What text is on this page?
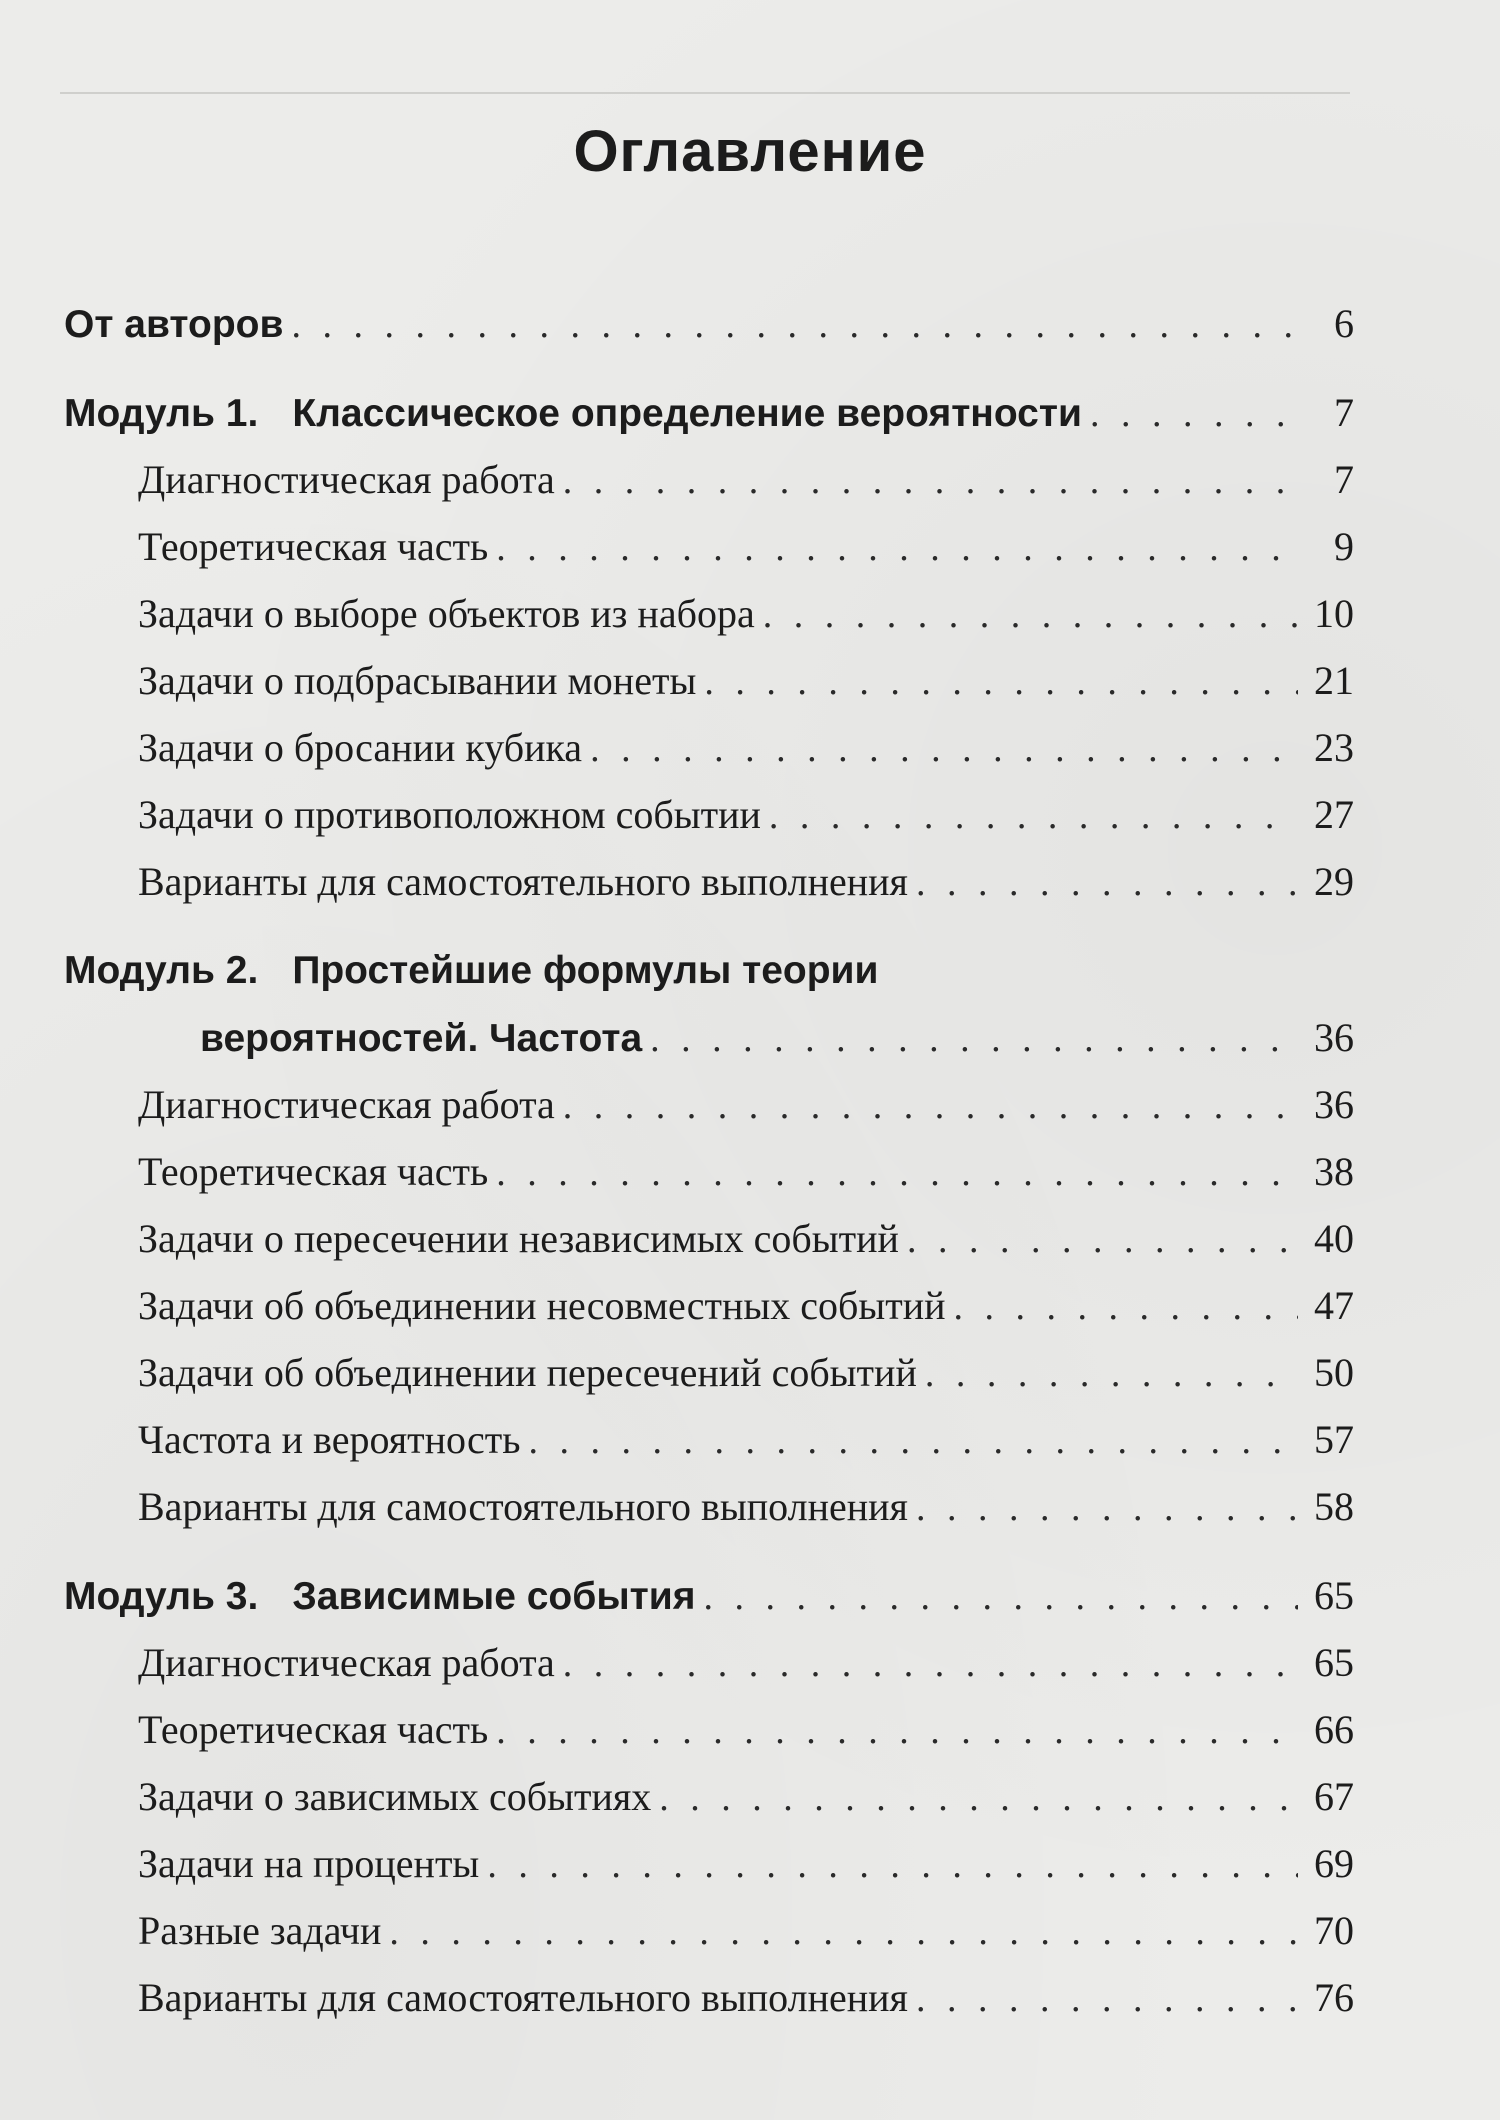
Оглавление
От авторов . . .	6
Модуль 1. Классическое определение вероятности . . .	7
Диагностическая работа . . .	7
Теоретическая часть . . .	9
Задачи о выборе объектов из набора . . .	10
Задачи о подбрасывании монеты . . .	21
Задачи о бросании кубика . . .	23
Задачи о противоположном событии . . .	27
Варианты для самостоятельного выполнения . . .	29
Модуль 2. Простейшие формулы теории
вероятностей. Частота . . .	36
Диагностическая работа . . .	36
Теоретическая часть . . .	38
Задачи о пересечении независимых событий . . .	40
Задачи об объединении несовместных событий . . .	47
Задачи об объединении пересечений событий . . .	50
Частота и вероятность . . .	57
Варианты для самостоятельного выполнения . . .	58
Модуль 3. Зависимые события . . .	65
Диагностическая работа . . .	65
Теоретическая часть . . .	66
Задачи о зависимых событиях . . .	67
Задачи на проценты . . .	69
Разные задачи . . .	70
Варианты для самостоятельного выполнения . . .	76
